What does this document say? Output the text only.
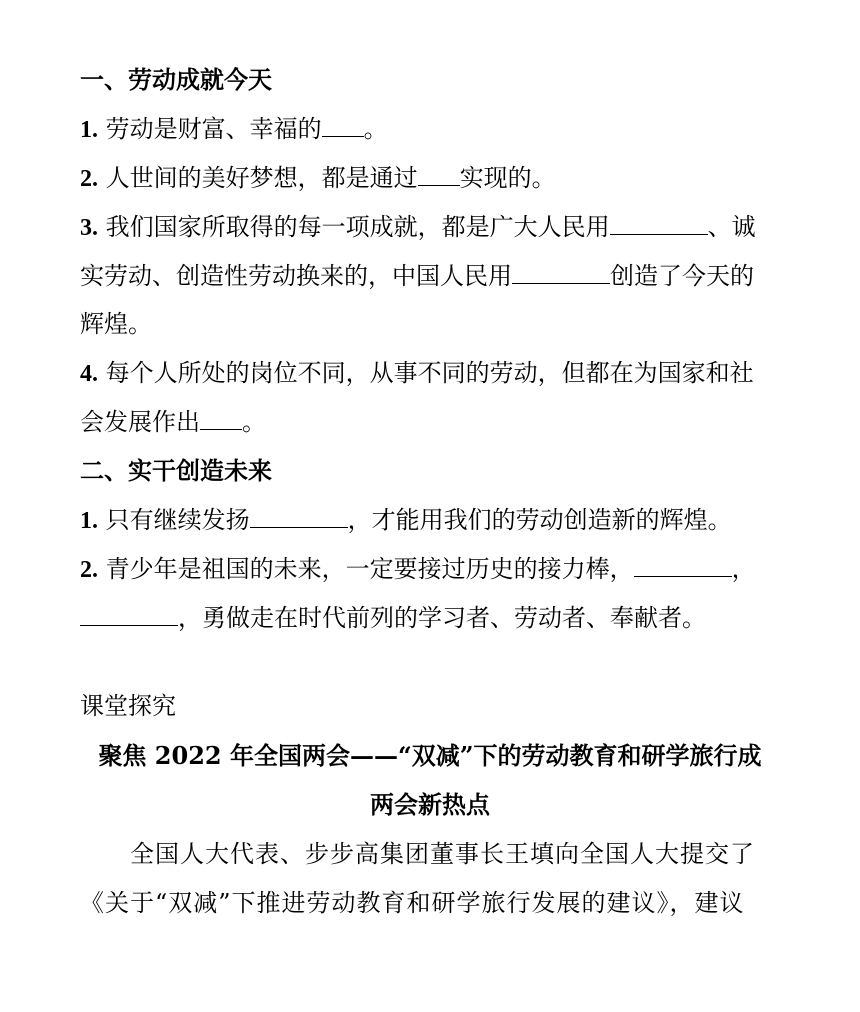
一、劳动成就今天
1. 劳动是财富、幸福的 。
2. 人世间的美好梦想，都是通过 实现的。
3. 我们国家所取得的每一项成就，都是广大人民用	、诚
实劳动、创造性劳动换来的，中国人民用	创造了今天的
辉煌。
4. 每个人所处的岗位不同，从事不同的劳动，但都在为国家和社
会发展作出 。
二、实干创造未来
1. 只有继续发扬	，才能用我们的劳动创造新的辉煌。
2. 青少年是祖国的未来，一定要接过历史的接力棒，	，
，勇做走在时代前列的学习者、劳动者、奉献者。
课堂探究
聚焦 2022 年全国两会——“双减”下的劳动教育和研学旅行成
两会新热点
全国人大代表、步步高集团董事长王填向全国人大提交了
《关于“双减”下推进劳动教育和研学旅行发展的建议》，建议
